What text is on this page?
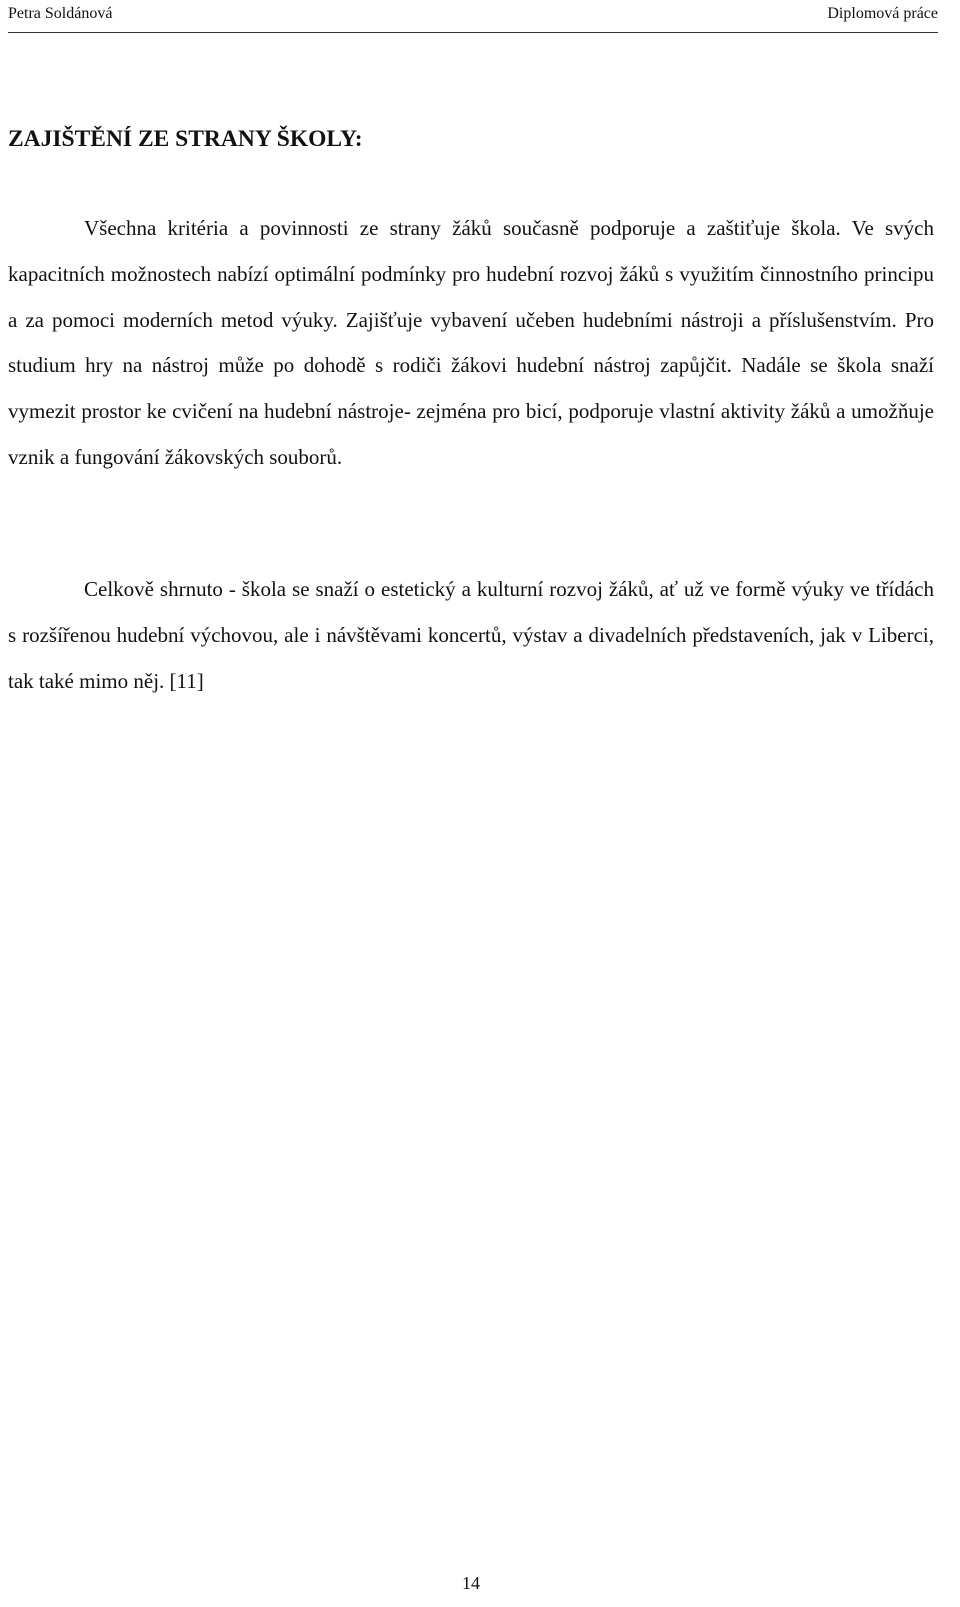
Petra Soldánová	Diplomová práce
ZAJIŠTĚNÍ ZE STRANY ŠKOLY:

Všechna kritéria a povinnosti ze strany žáků současně podporuje a zaštiťuje škola. Ve svých kapacitních možnostech nabízí optimální podmínky pro hudební rozvoj žáků s využitím činnostního principu a za pomoci moderních metod výuky. Zajišťuje vybavení učeben hudebními nástroji a příslušenstvím. Pro studium hry na nástroj může po dohodě s rodiči žákovi hudební nástroj zapůjčit. Nadále se škola snaží vymezit prostor ke cvičení na hudební nástroje- zejména pro bicí, podporuje vlastní aktivity žáků a umožňuje vznik a fungování žákovských souborů.

Celkově shrnuto - škola se snaží o estetický a kulturní rozvoj žáků, ať už ve formě výuky ve třídách s rozšířenou hudební výchovou, ale i návštěvami koncertů, výstav a divadelních představeních, jak v Liberci, tak také mimo něj. [11]

14
